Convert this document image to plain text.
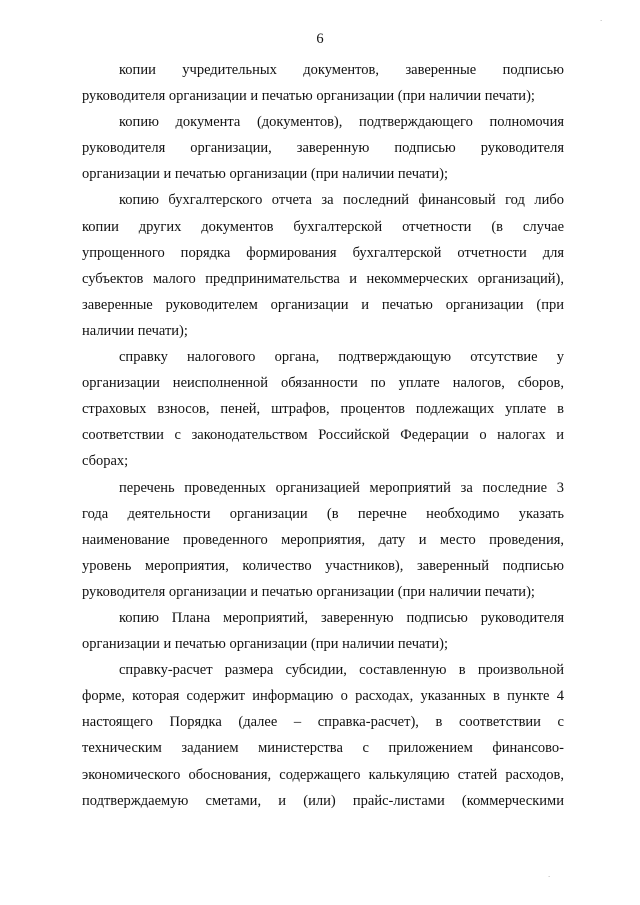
6
копии учредительных документов, заверенные подписью
руководителя организации и печатью организации (при наличии печати);
копию документа (документов), подтверждающего полномочия
руководителя организации, заверенную подписью руководителя
организации и печатью организации (при наличии печати);
копию бухгалтерского отчета за последний финансовый год либо
копии других документов бухгалтерской отчетности (в случае
упрощенного порядка формирования бухгалтерской отчетности для
субъектов малого предпринимательства и некоммерческих организаций),
заверенные руководителем организации и печатью организации (при
наличии печати);
справку налогового органа, подтверждающую отсутствие у
организации неисполненной обязанности по уплате налогов, сборов,
страховых взносов, пеней, штрафов, процентов подлежащих уплате в
соответствии с законодательством Российской Федерации о налогах и
сборах;
перечень проведенных организацией мероприятий за последние 3
года деятельности организации (в перечне необходимо указать
наименование проведенного мероприятия, дату и место проведения,
уровень мероприятия, количество участников), заверенный подписью
руководителя организации и печатью организации (при наличии печати);
копию Плана мероприятий, заверенную подписью руководителя
организации и печатью организации (при наличии печати);
справку-расчет размера субсидии, составленную в произвольной
форме, которая содержит информацию о расходах, указанных в пункте 4
настоящего Порядка (далее – справка-расчет), в соответствии с
техническим заданием министерства с приложением финансово-
экономического обоснования, содержащего калькуляцию статей расходов,
подтверждаемую сметами, и (или) прайс-листами (коммерческими
.
.
